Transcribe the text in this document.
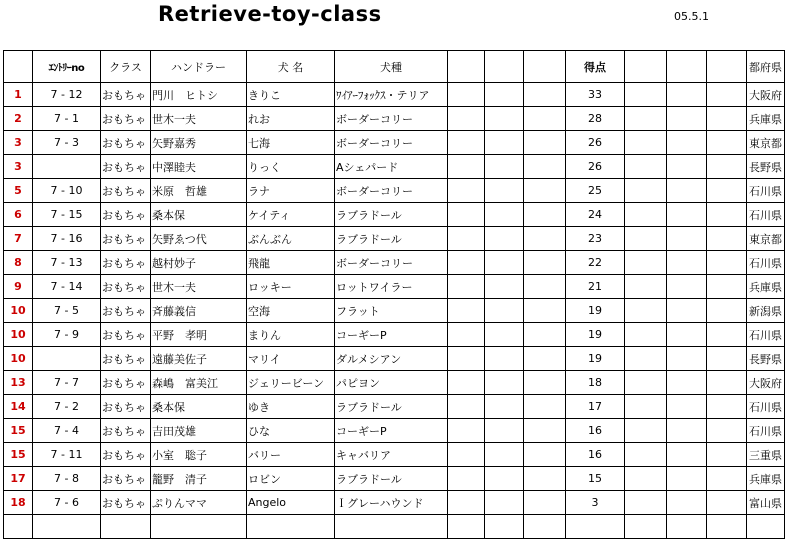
Retrieve-toy-class	05.5.1
	ｴﾝﾄﾘｰno	クラス	ハンドラー	犬 名	犬種				得点				都府県
1	7 - 12	おもちゃ	門川　ヒトシ	きりこ	ﾜｲｱｰﾌｫｯｸｽ・テリア				33				大阪府
2	7 - 1	おもちゃ	世木一夫	れお	ボーダーコリー				28				兵庫県
3	7 - 3	おもちゃ	矢野嘉秀	七海	ボーダーコリー				26				東京都
3		おもちゃ	中澤睦夫	りっく	Aシェパード				26				長野県
5	7 - 10	おもちゃ	米原　哲雄	ラナ	ボーダーコリー				25				石川県
6	7 - 15	おもちゃ	桑本保	ケイティ	ラブラドール				24				石川県
7	7 - 16	おもちゃ	矢野ゑつ代	ぶんぶん	ラブラドール				23				東京都
8	7 - 13	おもちゃ	越村妙子	飛龍	ボーダーコリー				22				石川県
9	7 - 14	おもちゃ	世木一夫	ロッキー	ロットワイラー				21				兵庫県
10	7 - 5	おもちゃ	斉藤義信	空海	フラット				19				新潟県
10	7 - 9	おもちゃ	平野　孝明	まりん	コーギーP				19				石川県
10		おもちゃ	遠藤美佐子	マリイ	ダルメシアン				19				長野県
13	7 - 7	おもちゃ	森嶋　富美江	ジェリービーン	パピヨン				18				大阪府
14	7 - 2	おもちゃ	桑本保	ゆき	ラブラドール				17				石川県
15	7 - 4	おもちゃ	吉田茂雄	ひな	コーギーP				16				石川県
15	7 - 11	おもちゃ	小室　聡子	バリー	キャバリア				16				三重県
17	7 - 8	おもちゃ	籠野　清子	ロビン	ラブラドール				15				兵庫県
18	7 - 6	おもちゃ	ぷりんママ	Angelo	Ｉグレーハウンド				3				富山県
